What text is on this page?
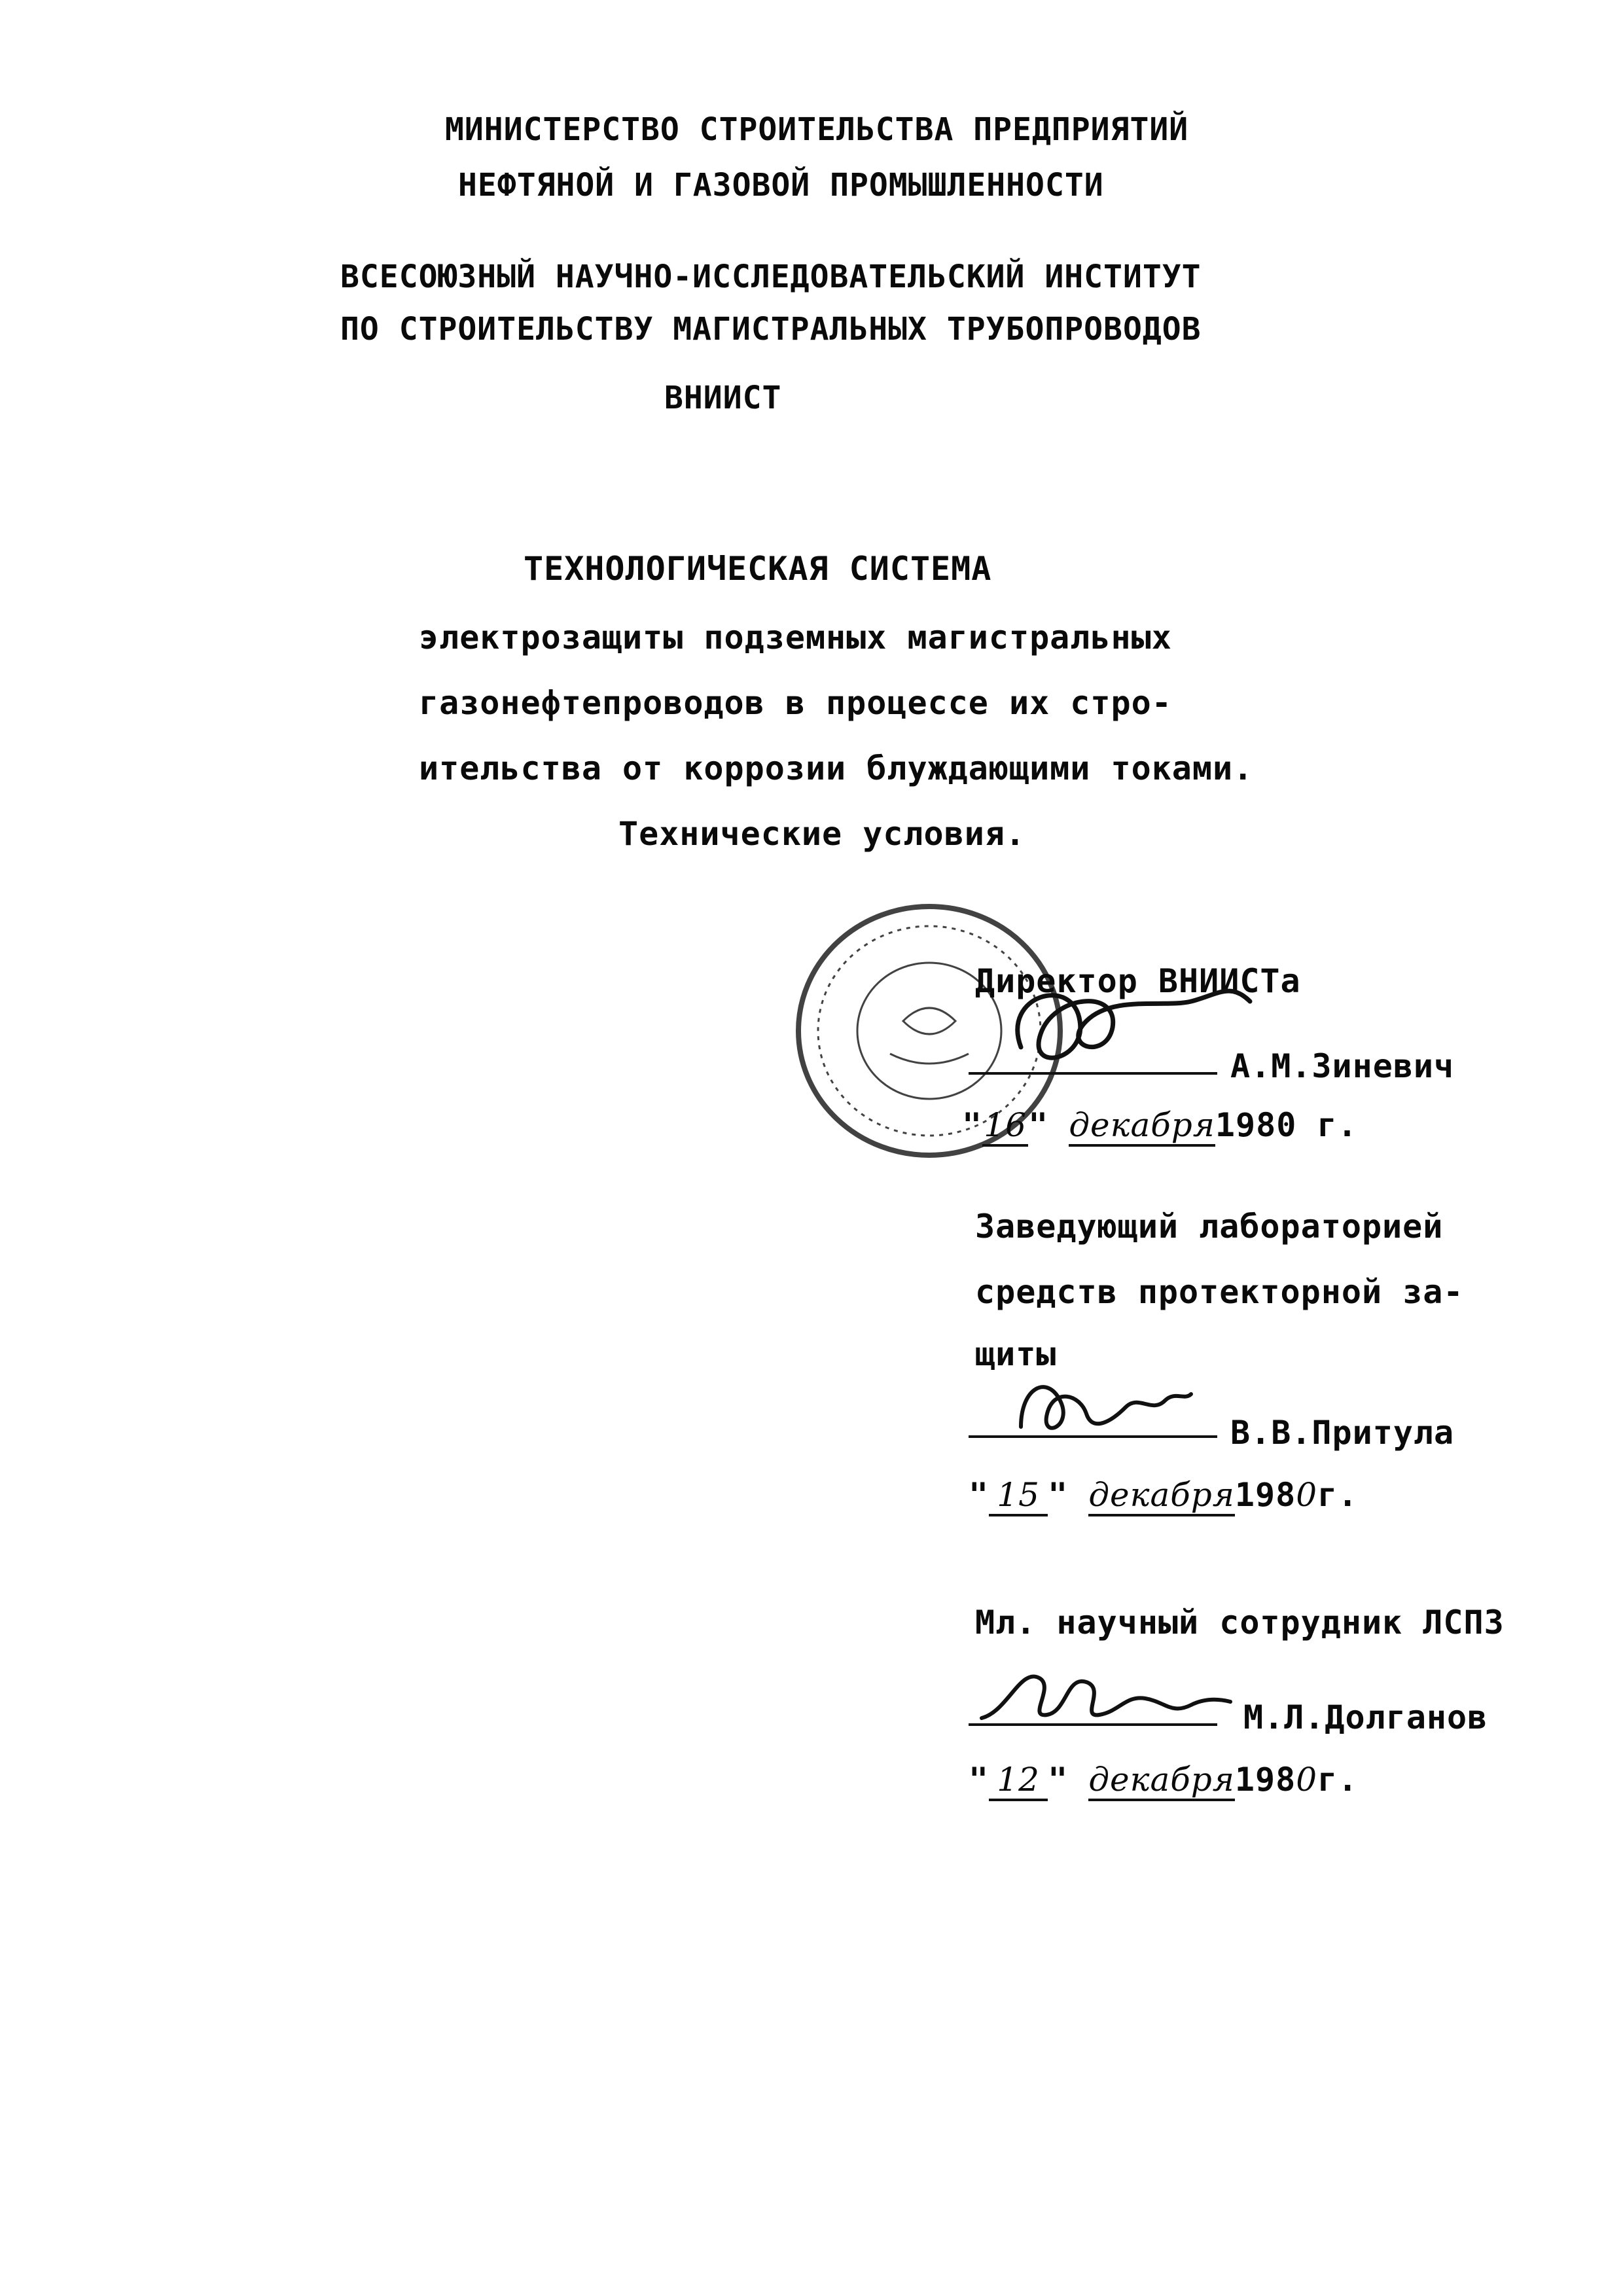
МИНИСТЕРСТВО СТРОИТЕЛЬСТВА ПРЕДПРИЯТИЙ
НЕФТЯНОЙ И ГАЗОВОЙ ПРОМЫШЛЕННОСТИ
ВСЕСОЮЗНЫЙ НАУЧНО-ИССЛЕДОВАТЕЛЬСКИЙ ИНСТИТУТ
ПО СТРОИТЕЛЬСТВУ МАГИСТРАЛЬНЫХ ТРУБОПРОВОДОВ
ВНИИСТ
ТЕХНОЛОГИЧЕСКАЯ СИСТЕМА
электрозащиты подземных магистральных
газонефтепроводов в процессе их стро-
ительства от коррозии блуждающими токами.
Технические условия.
Директор ВНИИСТа
А.М.Зиневич
"16" декабря1980 г.
Заведующий лабораторией
средств протекторной за-
щиты
В.В.Притула
" 15 " декабря1980г.
Мл. научный сотрудник ЛСПЗ
М.Л.Долганов
" 12 " декабря1980г.
